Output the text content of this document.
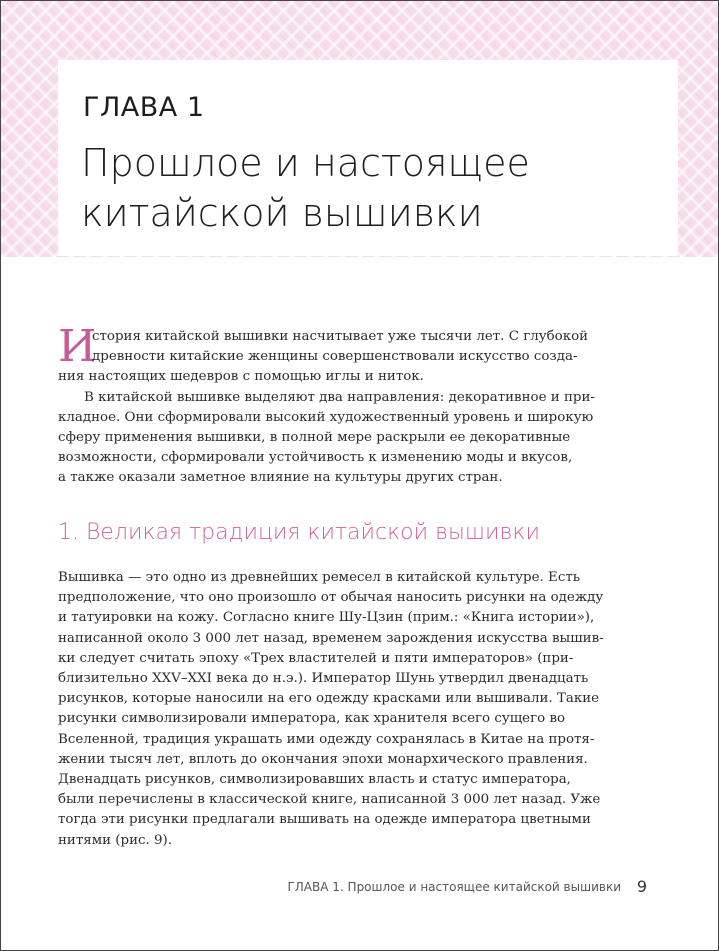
ГЛАВА 1
Прошлое и настоящее
китайской вышивки
И
стория китайской вышивки насчитывает уже тысячи лет. С глубокой
древности китайские женщины совершенствовали искусство созда-
ния настоящих шедевров с помощью иглы и ниток.
В китайской вышивке выделяют два направления: декоративное и при-
кладное. Они сформировали высокий художественный уровень и широкую
сферу применения вышивки, в полной мере раскрыли ее декоративные
возможности, сформировали устойчивость к изменению моды и вкусов,
а также оказали заметное влияние на культуры других стран.
1. Великая традиция китайской вышивки
Вышивка — это одно из древнейших ремесел в китайской культуре. Есть
предположение, что оно произошло от обычая наносить рисунки на одежду
и татуировки на кожу. Согласно книге Шу-Цзин (прим.: «Книга истории»),
написанной около 3 000 лет назад, временем зарождения искусства вышив-
ки следует считать эпоху «Трех властителей и пяти императоров» (при-
близительно XXV–XXI века до н.э.). Император Шунь утвердил двенадцать
рисунков, которые наносили на его одежду красками или вышивали. Такие
рисунки символизировали императора, как хранителя всего сущего во
Вселенной, традиция украшать ими одежду сохранялась в Китае на протя-
жении тысяч лет, вплоть до окончания эпохи монархического правления.
Двенадцать рисунков, символизировавших власть и статус императора,
были перечислены в классической книге, написанной 3 000 лет назад. Уже
тогда эти рисунки предлагали вышивать на одежде императора цветными
нитями (рис. 9).
ГЛАВА 1. Прошлое и настоящее китайской вышивки 9
